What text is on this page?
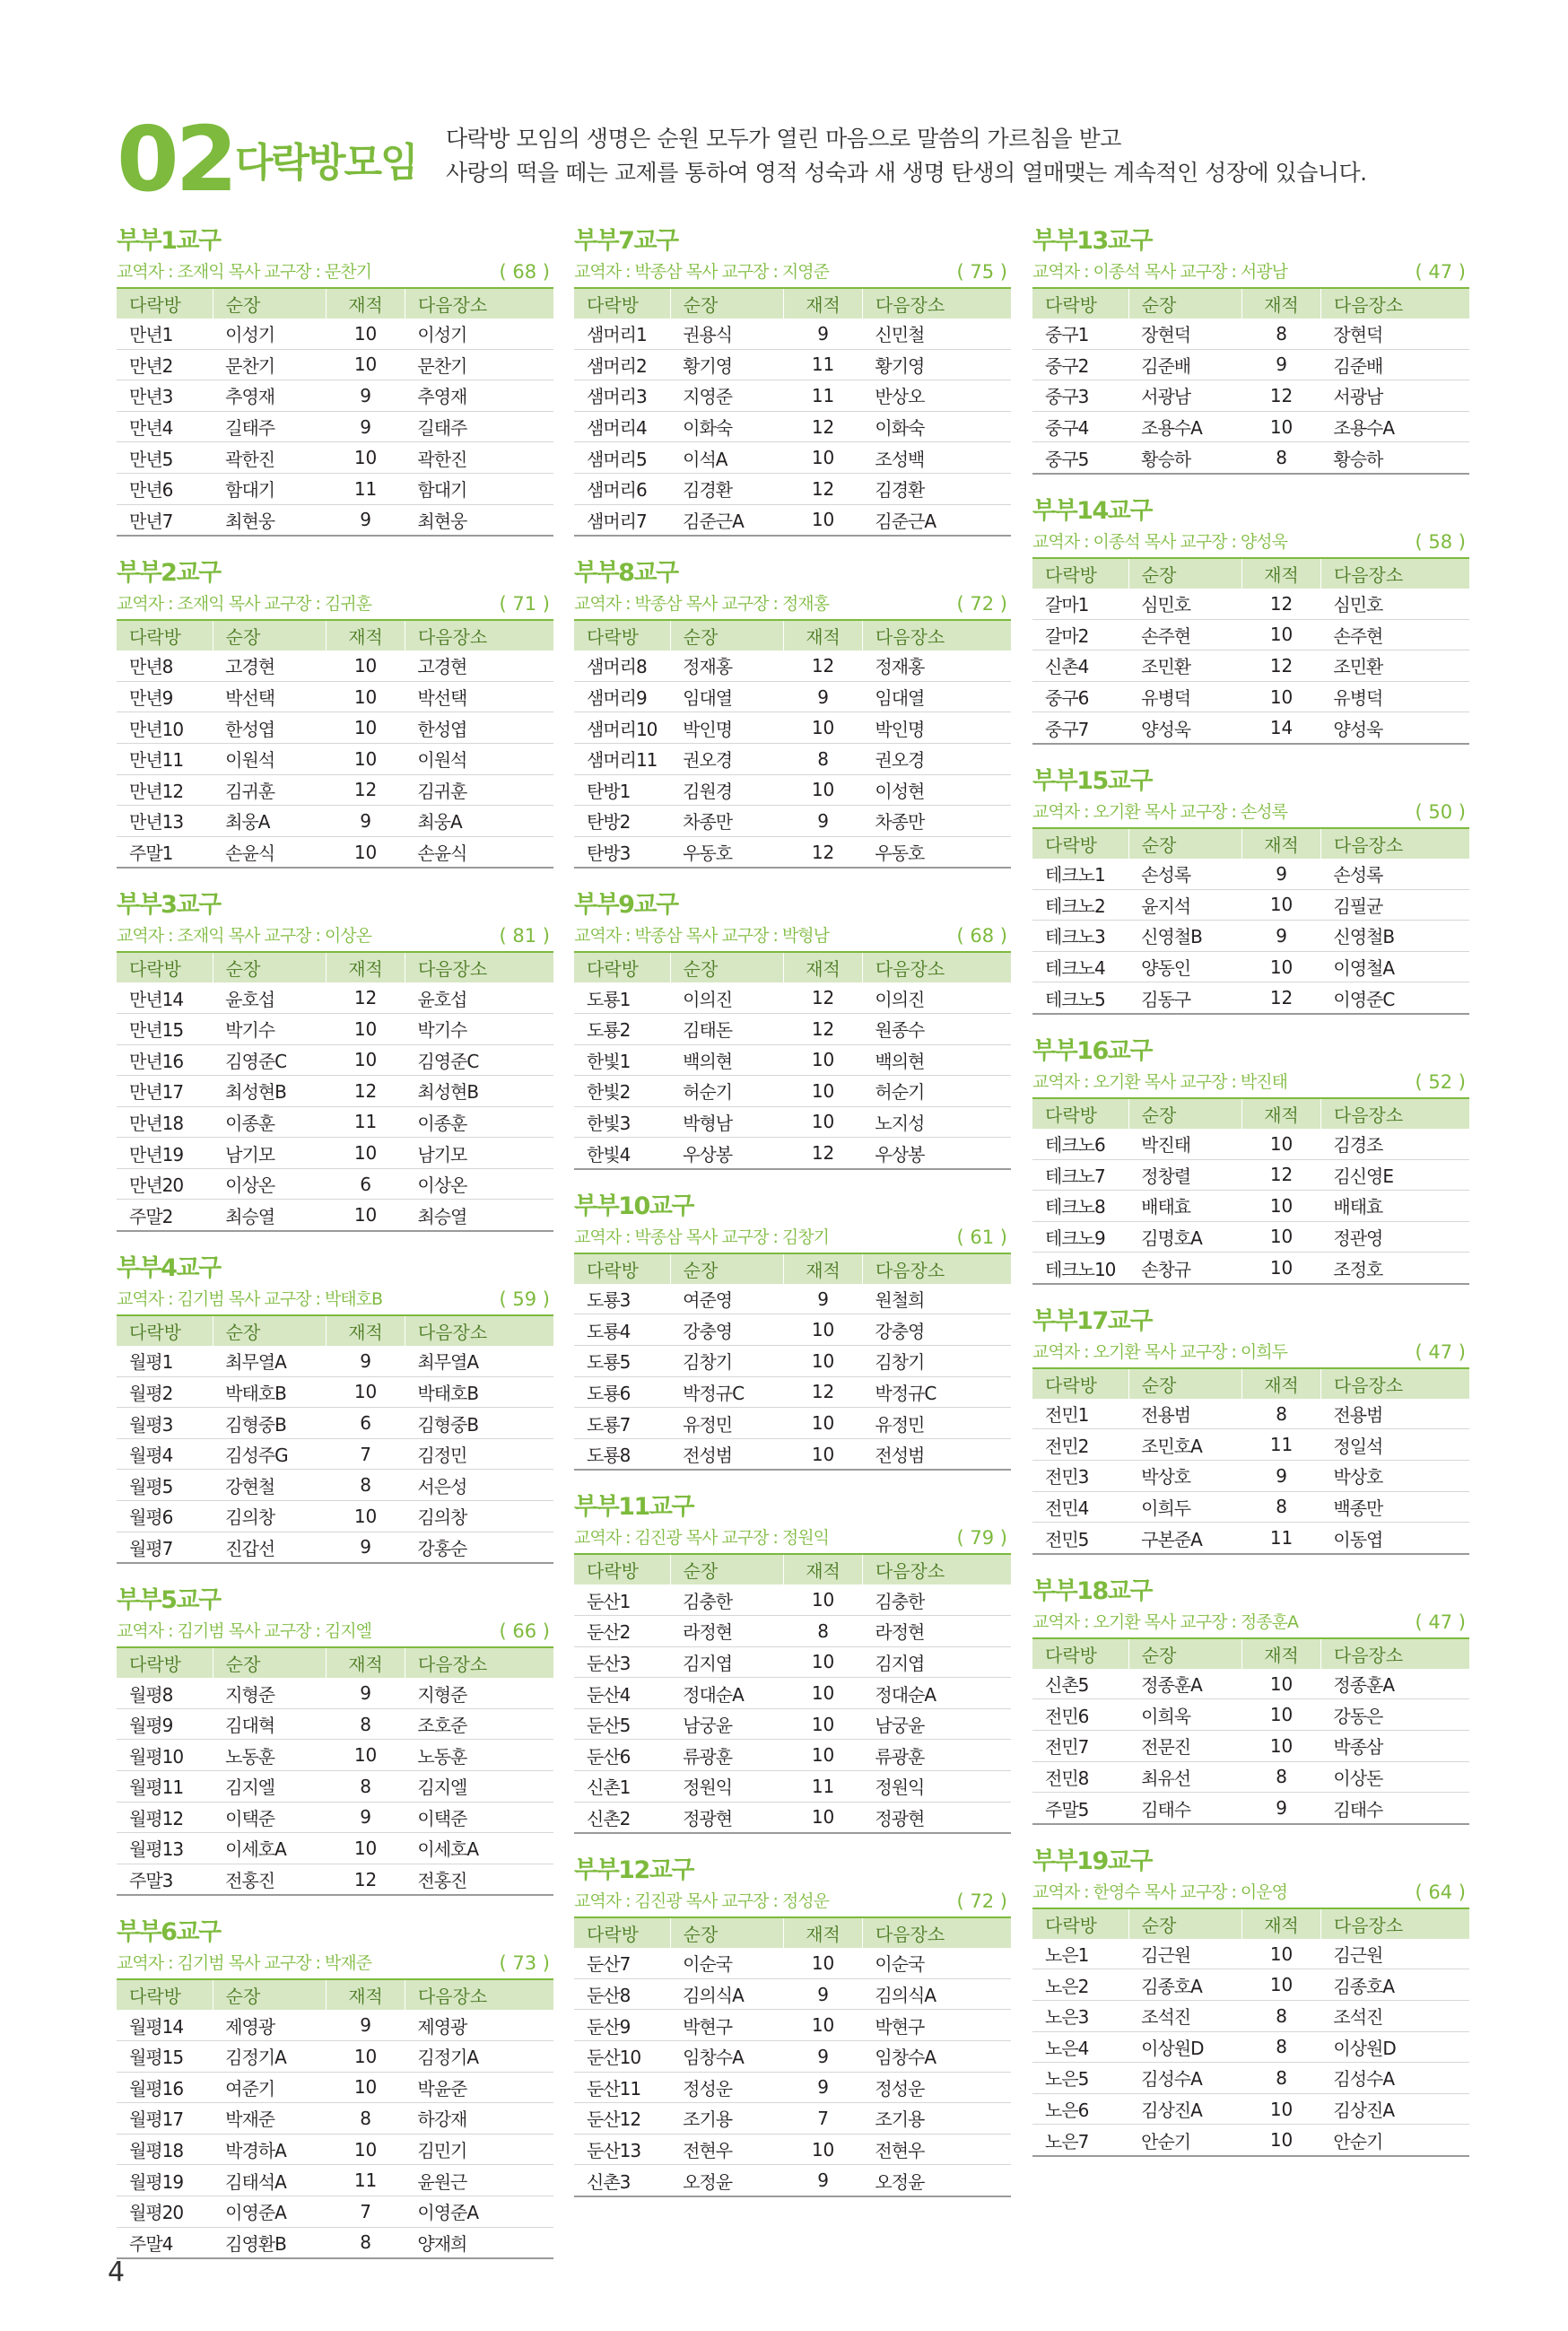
02 다락방모임
다락방 모임의 생명은 순원 모두가 열린 마음으로 말씀의 가르침을 받고
사랑의 떡을 떼는 교제를 통하여 영적 성숙과 새 생명 탄생의 열매맺는 계속적인 성장에 있습니다.
부부1교구
교역자 : 조재익 목사 교구장 : 문찬기	( 68 )
다락방	순장	재적	다음장소
만년1	이성기	10	이성기
만년2	문찬기	10	문찬기
만년3	추영재	9	추영재
만년4	길태주	9	길태주
만년5	곽한진	10	곽한진
만년6	함대기	11	함대기
만년7	최현웅	9	최현웅
부부2교구
교역자 : 조재익 목사 교구장 : 김귀훈	( 71 )
다락방	순장	재적	다음장소
만년8	고경현	10	고경현
만년9	박선택	10	박선택
만년10	한성엽	10	한성엽
만년11	이원석	10	이원석
만년12	김귀훈	12	김귀훈
만년13	최웅A	9	최웅A
주말1	손윤식	10	손윤식
부부3교구
교역자 : 조재익 목사 교구장 : 이상온	( 81 )
다락방	순장	재적	다음장소
만년14	윤호섭	12	윤호섭
만년15	박기수	10	박기수
만년16	김영준C	10	김영준C
만년17	최성현B	12	최성현B
만년18	이종훈	11	이종훈
만년19	남기모	10	남기모
만년20	이상온	6	이상온
주말2	최승열	10	최승열
부부4교구
교역자 : 김기범 목사 교구장 : 박태호B	( 59 )
다락방	순장	재적	다음장소
월평1	최무열A	9	최무열A
월평2	박태호B	10	박태호B
월평3	김형중B	6	김형중B
월평4	김성주G	7	김정민
월평5	강현철	8	서은성
월평6	김의창	10	김의창
월평7	진갑선	9	강홍순
부부5교구
교역자 : 김기범 목사 교구장 : 김지엘	( 66 )
다락방	순장	재적	다음장소
월평8	지형준	9	지형준
월평9	김대혁	8	조호준
월평10	노동훈	10	노동훈
월평11	김지엘	8	김지엘
월평12	이택준	9	이택준
월평13	이세호A	10	이세호A
주말3	전홍진	12	전홍진
부부6교구
교역자 : 김기범 목사 교구장 : 박재준	( 73 )
다락방	순장	재적	다음장소
월평14	제영광	9	제영광
월평15	김정기A	10	김정기A
월평16	여준기	10	박윤준
월평17	박재준	8	하강재
월평18	박경하A	10	김민기
월평19	김태석A	11	윤원근
월평20	이영준A	7	이영준A
주말4	김영환B	8	양재희
부부7교구
교역자 : 박종삼 목사 교구장 : 지영준	( 75 )
다락방	순장	재적	다음장소
샘머리1	권용식	9	신민철
샘머리2	황기영	11	황기영
샘머리3	지영준	11	반상오
샘머리4	이화숙	12	이화숙
샘머리5	이석A	10	조성백
샘머리6	김경환	12	김경환
샘머리7	김준근A	10	김준근A
부부8교구
교역자 : 박종삼 목사 교구장 : 정재홍	( 72 )
다락방	순장	재적	다음장소
샘머리8	정재홍	12	정재홍
샘머리9	임대열	9	임대열
샘머리10	박인명	10	박인명
샘머리11	권오경	8	권오경
탄방1	김원경	10	이성현
탄방2	차종만	9	차종만
탄방3	우동호	12	우동호
부부9교구
교역자 : 박종삼 목사 교구장 : 박형남	( 68 )
다락방	순장	재적	다음장소
도룡1	이의진	12	이의진
도룡2	김태돈	12	원종수
한빛1	백의현	10	백의현
한빛2	허순기	10	허순기
한빛3	박형남	10	노지성
한빛4	우상봉	12	우상봉
부부10교구
교역자 : 박종삼 목사 교구장 : 김창기	( 61 )
다락방	순장	재적	다음장소
도룡3	여준영	9	원철희
도룡4	강충영	10	강충영
도룡5	김창기	10	김창기
도룡6	박정규C	12	박정규C
도룡7	유정민	10	유정민
도룡8	전성범	10	전성범
부부11교구
교역자 : 김진광 목사 교구장 : 정원익	( 79 )
다락방	순장	재적	다음장소
둔산1	김충한	10	김충한
둔산2	라정현	8	라정현
둔산3	김지엽	10	김지엽
둔산4	정대순A	10	정대순A
둔산5	남궁윤	10	남궁윤
둔산6	류광훈	10	류광훈
신촌1	정원익	11	정원익
신촌2	정광현	10	정광현
부부12교구
교역자 : 김진광 목사 교구장 : 정성운	( 72 )
다락방	순장	재적	다음장소
둔산7	이순국	10	이순국
둔산8	김의식A	9	김의식A
둔산9	박현구	10	박현구
둔산10	임창수A	9	임창수A
둔산11	정성운	9	정성운
둔산12	조기용	7	조기용
둔산13	전현우	10	전현우
신촌3	오정윤	9	오정윤
부부13교구
교역자 : 이종석 목사 교구장 : 서광남	( 47 )
다락방	순장	재적	다음장소
중구1	장현덕	8	장현덕
중구2	김준배	9	김준배
중구3	서광남	12	서광남
중구4	조용수A	10	조용수A
중구5	황승하	8	황승하
부부14교구
교역자 : 이종석 목사 교구장 : 양성욱	( 58 )
다락방	순장	재적	다음장소
갈마1	심민호	12	심민호
갈마2	손주현	10	손주현
신촌4	조민환	12	조민환
중구6	유병덕	10	유병덕
중구7	양성욱	14	양성욱
부부15교구
교역자 : 오기환 목사 교구장 : 손성록	( 50 )
다락방	순장	재적	다음장소
테크노1	손성록	9	손성록
테크노2	윤지석	10	김필균
테크노3	신영철B	9	신영철B
테크노4	양동인	10	이영철A
테크노5	김동구	12	이영준C
부부16교구
교역자 : 오기환 목사 교구장 : 박진태	( 52 )
다락방	순장	재적	다음장소
테크노6	박진태	10	김경조
테크노7	정창렬	12	김신영E
테크노8	배태효	10	배태효
테크노9	김명호A	10	정관영
테크노10	손창규	10	조정호
부부17교구
교역자 : 오기환 목사 교구장 : 이희두	( 47 )
다락방	순장	재적	다음장소
전민1	전용범	8	전용범
전민2	조민호A	11	정일석
전민3	박상호	9	박상호
전민4	이희두	8	백종만
전민5	구본준A	11	이동엽
부부18교구
교역자 : 오기환 목사 교구장 : 정종훈A	( 47 )
다락방	순장	재적	다음장소
신촌5	정종훈A	10	정종훈A
전민6	이희욱	10	강동은
전민7	전문진	10	박종삼
전민8	최유선	8	이상돈
주말5	김태수	9	김태수
부부19교구
교역자 : 한영수 목사 교구장 : 이운영	( 64 )
다락방	순장	재적	다음장소
노은1	김근원	10	김근원
노은2	김종호A	10	김종호A
노은3	조석진	8	조석진
노은4	이상원D	8	이상원D
노은5	김성수A	8	김성수A
노은6	김상진A	10	김상진A
노은7	안순기	10	안순기
4
